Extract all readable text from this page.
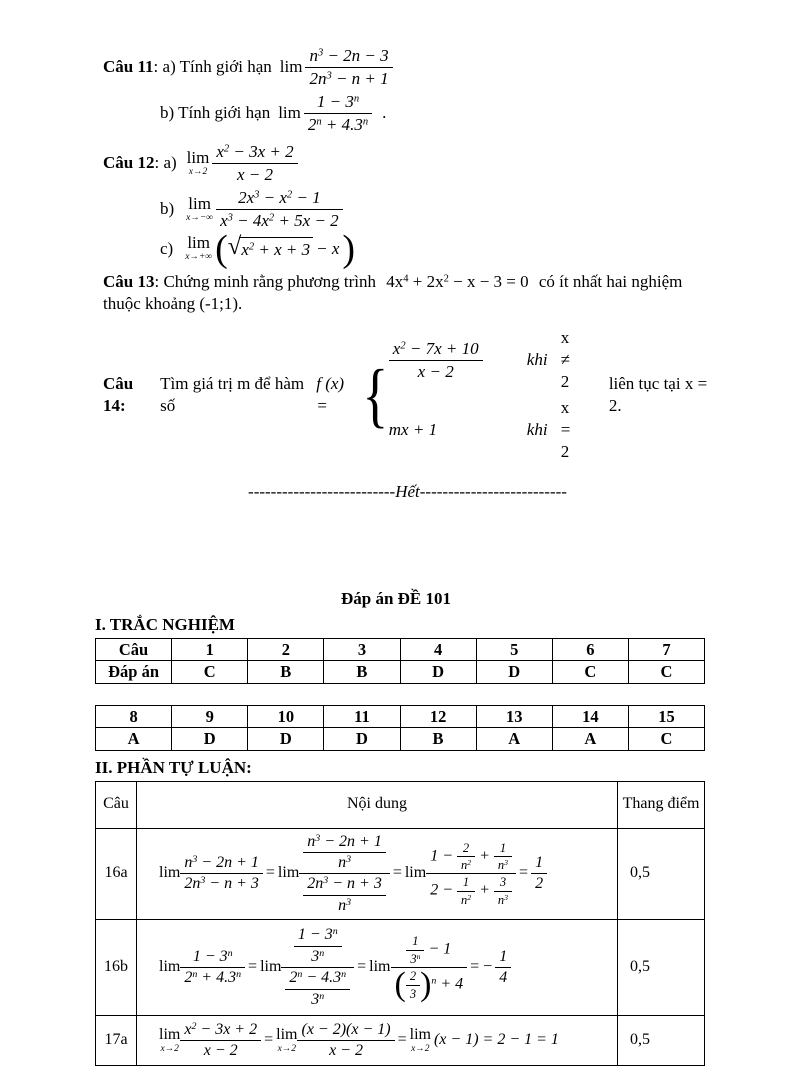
Câu 11 : a) Tính giới hạn $\lim \frac{n^3 - 2n - 3}{2n^3 - n + 1}$
b) Tính giới hạn $\lim \frac{1 - 3^n}{2^n + 4.3^n}$ .
Câu 12 : a) lim
$x\to 2 \frac{x^2 - 3x + 2}{x - 2}$
b) lim
$x\to-\infty \frac{2x^3 - x^2 - 1}{x^3 - 4x^2 + 5x - 2}$
c) lim
x→+∞ ( √ $x^2 + x + 3 - x$ )
Câu 13: Chứng minh rằng phương trình $4x^4 + 2x^2 - x - 3 = 0$ có ít nhất hai nghiệm
thuộc khoảng (-1;1).
Câu 14:
Tìm giá trị m để hàm số
f (x) = { $\frac{x^2 - 7x + 10}{x - 2}$	khi
x ≠ 2
mx + 1	khi
x = 2
liên tục tại x = 2.
--------------------------Hết--------------------------
Đáp án ĐỀ 101
I. TRẮC NGHIỆM
Câu	1	2	3	4	5	6	7
Đáp án	C	B	B	D	D	C	C
8	9	10	11	12	13	14	15
A	D	D	D	B	A	A	C
II. PHẦN TỰ LUẬN:
Câu	Nội dung	Thang điểm
16a	$\lim \frac{n^3 - 2n + 1}{2n^3 - n + 3} = \lim \frac{\frac{n^3 - 2n + 1}{n^3}}{\frac{2n^3 - n + 3}{n^3}} = \lim$
$1 - \frac{2}{n^2} + \frac{1}{n^3}$
$2 - \frac{1}{n^2} + \frac{3}{n^3}$
= $\frac{1}{2}$	0,5
16b	$\lim \frac{1 - 3^n}{2^n + 4.3^n} = \lim \frac{\frac{1 - 3^n}{3^n}}{\frac{2^n - 4.3^n}{3^n}} = \lim \frac{\frac{1}{3^n} - 1}{( \frac{2}{3} )^n + 4}$ = − $\frac{1}{4}$	0,5
17a	lim
$x\to 2 \frac{x^2 - 3x + 2}{x - 2} = \lim$
$x\to 2 \frac{(x - 2)(x - 1)}{x - 2} = \lim$
x→2
(x − 1) = 2 − 1 = 1	0,5
